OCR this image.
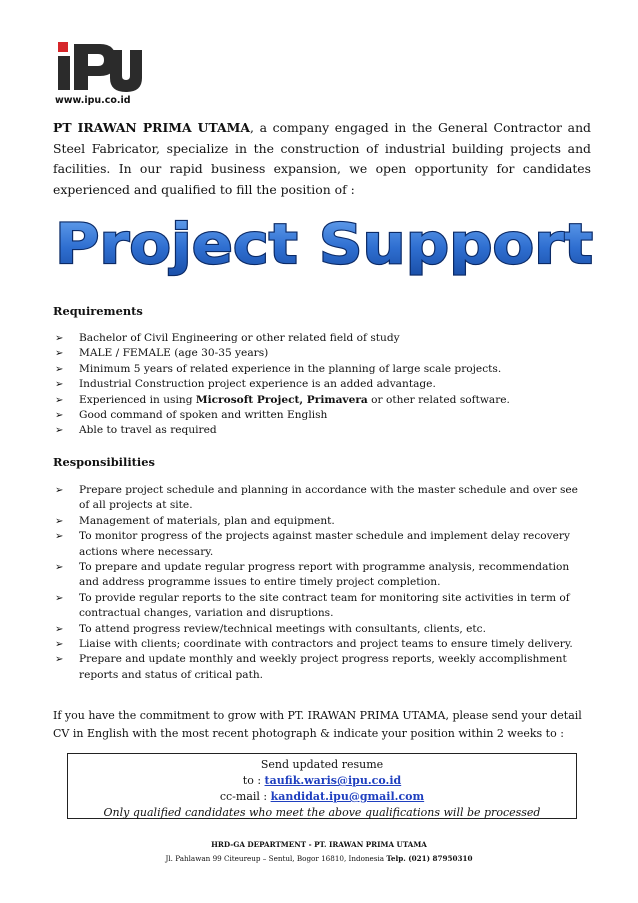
www.ipu.co.id
PT IRAWAN PRIMA UTAMA, a company engaged in the General Contractor and Steel Fabricator, specialize in the construction of industrial building projects and facilities. In our rapid business expansion, we open opportunity for candidates experienced and qualified to fill the position of :
Project Support
Requirements
➢ Bachelor of Civil Engineering or other related field of study
➢ MALE / FEMALE (age 30-35 years)
➢ Minimum 5 years of related experience in the planning of large scale projects.
➢ Industrial Construction project experience is an added advantage.
➢ Experienced in using Microsoft Project, Primavera or other related software.
➢ Good command of spoken and written English
➢ Able to travel as required
Responsibilities
➢ Prepare project schedule and planning in accordance with the master schedule and over see of all projects at site.
➢ Management of materials, plan and equipment.
➢ To monitor progress of the projects against master schedule and implement delay recovery actions where necessary.
➢ To prepare and update regular progress report with programme analysis, recommendation and address programme issues to entire timely project completion.
➢ To provide regular reports to the site contract team for monitoring site activities in term of contractual changes, variation and disruptions.
➢ To attend progress review/technical meetings with consultants, clients, etc.
➢ Liaise with clients; coordinate with contractors and project teams to ensure timely delivery.
➢ Prepare and update monthly and weekly project progress reports, weekly accomplishment reports and status of critical path.
If you have the commitment to grow with PT. IRAWAN PRIMA UTAMA, please send your detail CV in English with the most recent photograph & indicate your position within 2 weeks to :
Send updated resume
to : taufik.waris@ipu.co.id
cc-mail : kandidat.ipu@gmail.com
Only qualified candidates who meet the above qualifications will be processed
HRD-GA DEPARTMENT - PT. IRAWAN PRIMA UTAMA
Jl. Pahlawan 99 Citeureup – Sentul, Bogor 16810, Indonesia Telp. (021) 87950310
